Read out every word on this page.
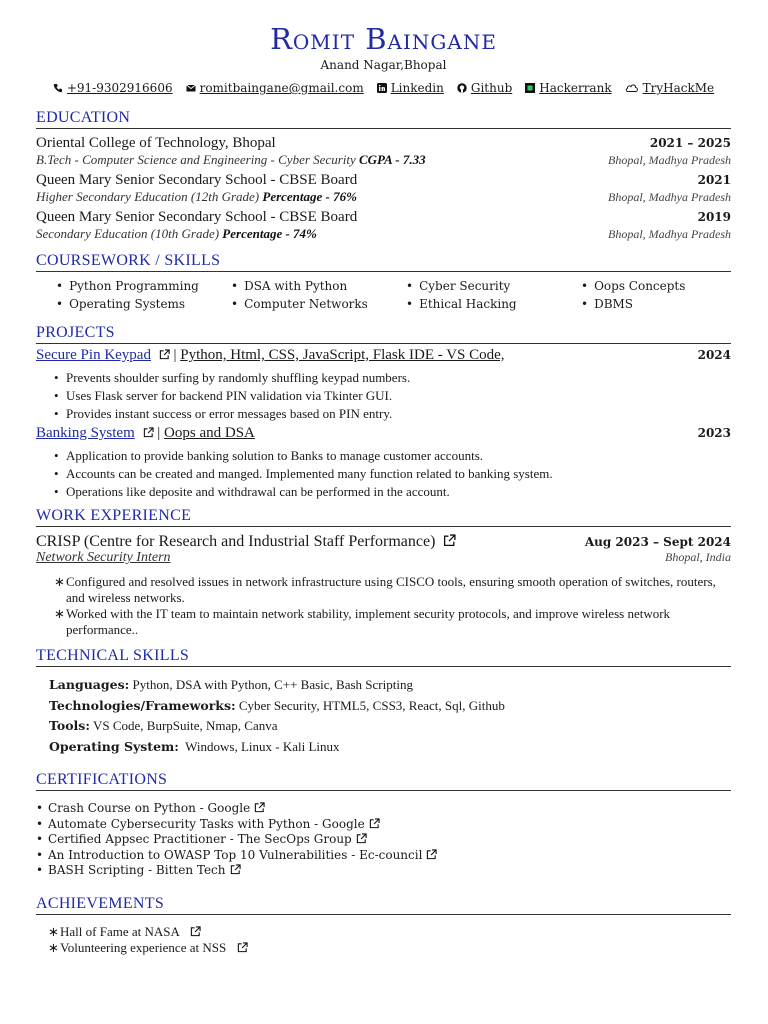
Romit Baingane
Anand Nagar,Bhopal
+91-9302916606 romitbaingane@gmail.com Linkedin Github Hackerrank	TryHackMe
EDUCATION
Oriental College of Technology, Bhopal	2021 – 2025
B.Tech - Computer Science and Engineering - Cyber Security CGPA - 7.33	Bhopal, Madhya Pradesh
Queen Mary Senior Secondary School - CBSE Board	2021
Higher Secondary Education (12th Grade) Percentage - 76%	Bhopal, Madhya Pradesh
Queen Mary Senior Secondary School - CBSE Board	2019
Secondary Education (10th Grade) Percentage - 74%	Bhopal, Madhya Pradesh
COURSEWORK / SKILLS
• Python Programming	• DSA with Python	• Cyber Security	• Oops Concepts
• Operating Systems	• Computer Networks	• Ethical Hacking	• DBMS
PROJECTS
Secure Pin Keypad  | Python, Html, CSS, JavaScript, Flask IDE - VS Code,	2024
• Prevents shoulder surfing by randomly shuffling keypad numbers.
• Uses Flask server for backend PIN validation via Tkinter GUI.
• Provides instant success or error messages based on PIN entry.
Banking System  | Oops and DSA	2023
• Application to provide banking solution to Banks to manage customer accounts.
• Accounts can be created and manged. Implemented many function related to banking system.
• Operations like deposite and withdrawal can be performed in the account.
WORK EXPERIENCE
CRISP (Centre for Research and Industrial Staff Performance)	Aug 2023 – Sept 2024
Network Security Intern	Bhopal, India
∗ Configured and resolved issues in network infrastructure using CISCO tools, ensuring smooth operation of switches, routers, and wireless networks.
∗ Worked with the IT team to maintain network stability, implement security protocols, and improve wireless network performance..
TECHNICAL SKILLS
Languages: Python, DSA with Python, C++ Basic, Bash Scripting
Technologies/Frameworks: Cyber Security, HTML5, CSS3, React, Sql, Github
Tools: VS Code, BurpSuite, Nmap, Canva
Operating System: Windows, Linux - Kali Linux
CERTIFICATIONS
• Crash Course on Python - Google
• Automate Cybersecurity Tasks with Python - Google
• Certified Appsec Practitioner - The SecOps Group
• An Introduction to OWASP Top 10 Vulnerabilities - Ec-council
• BASH Scripting - Bitten Tech
ACHIEVEMENTS
∗ Hall of Fame at NASA
∗ Volunteering experience at NSS
